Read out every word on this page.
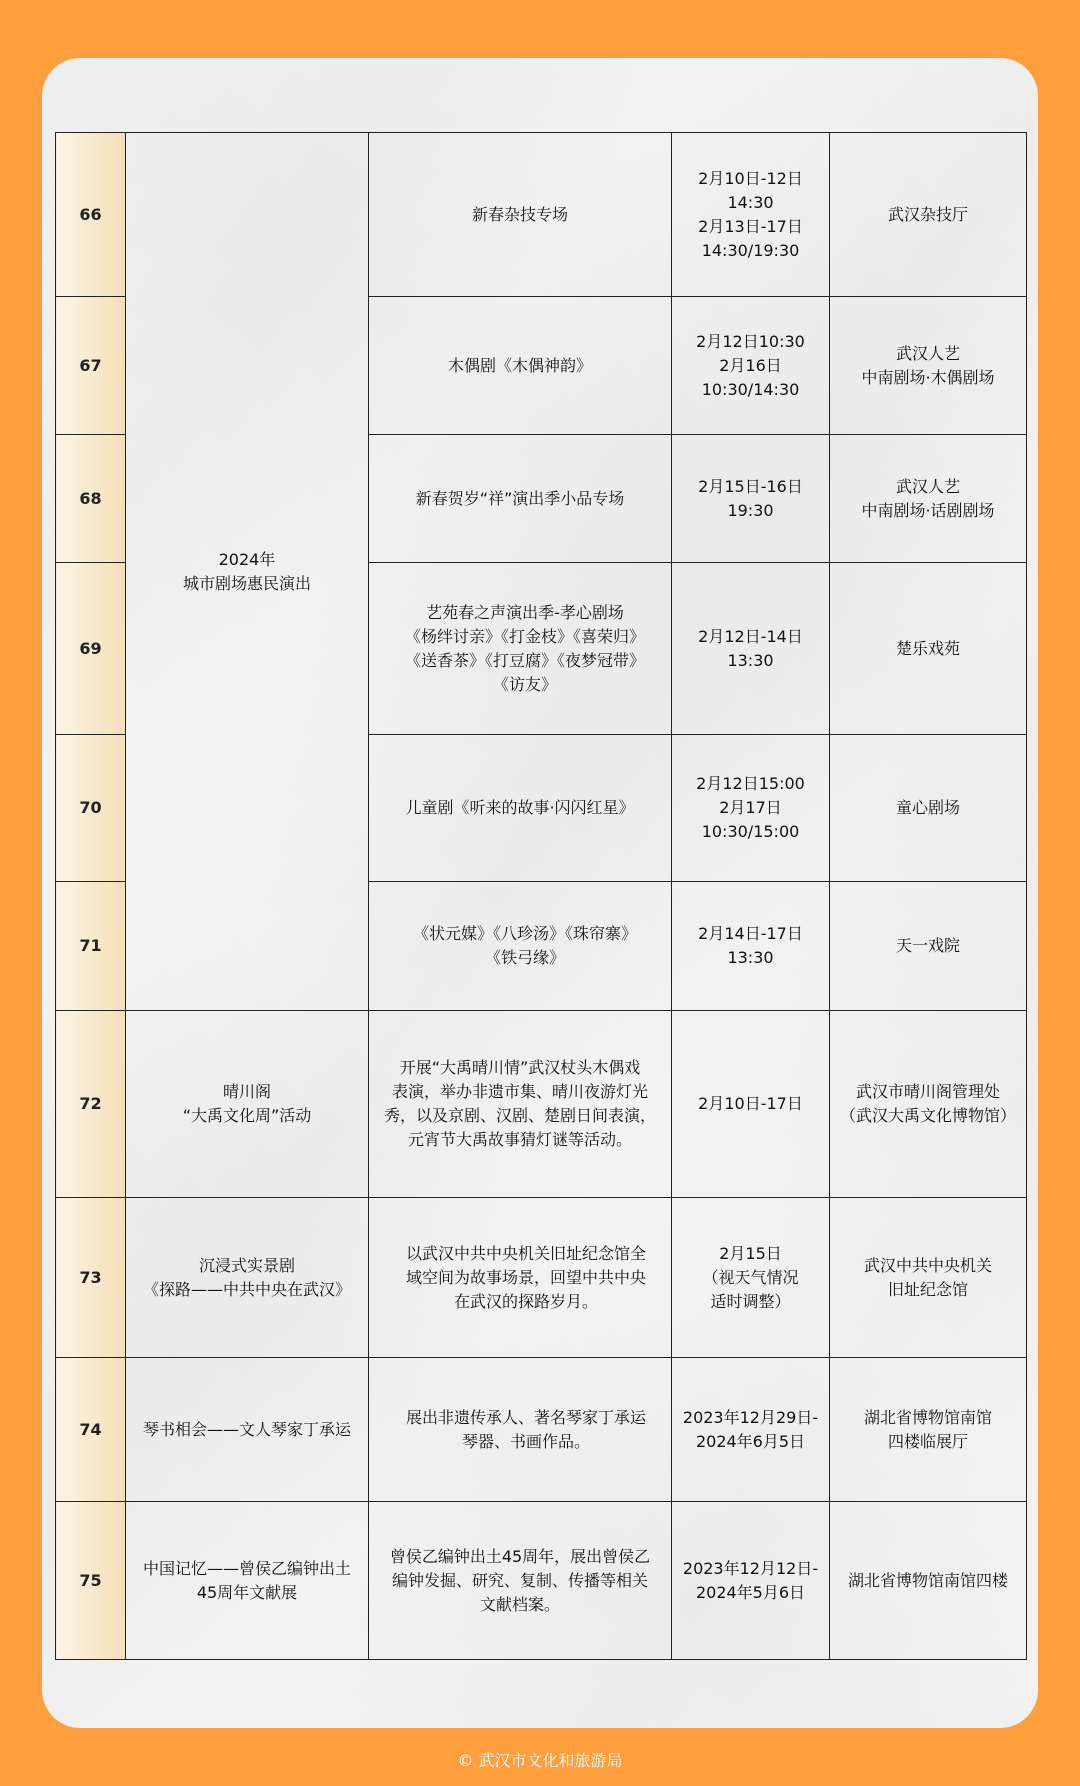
66	2024年
城市剧场惠民演出	新春杂技专场	2月10日-12日
14:30
2月13日-17日
14:30/19:30	武汉杂技厅

67		木偶剧《木偶神韵》	2月12日10:30
2月16日
10:30/14:30	武汉人艺
中南剧场·木偶剧场

68		新春贺岁“祥”演出季小品专场	2月15日-16日
19:30	武汉人艺
中南剧场·话剧剧场

69		艺苑春之声演出季-孝心剧场
《杨绊讨亲》《打金枝》《喜荣归》
《送香茶》《打豆腐》《夜梦冠带》
《访友》	2月12日-14日
13:30	楚乐戏苑

70		儿童剧《听来的故事·闪闪红星》	2月12日15:00
2月17日
10:30/15:00	童心剧场

71		《状元媒》《八珍汤》《珠帘寨》
《铁弓缘》	2月14日-17日
13:30	天一戏院

72	晴川阁
“大禹文化周”活动	开展“大禹晴川情”武汉杖头木偶戏
表演，举办非遗市集、晴川夜游灯光
秀，以及京剧、汉剧、楚剧日间表演，
元宵节大禹故事猜灯谜等活动。	2月10日-17日	武汉市晴川阁管理处
（武汉大禹文化博物馆）

73	沉浸式实景剧
《探路——中共中央在武汉》	以武汉中共中央机关旧址纪念馆全
域空间为故事场景，回望中共中央
在武汉的探路岁月。	2月15日
（视天气情况
适时调整）	武汉中共中央机关
旧址纪念馆

74	琴书相会——文人琴家丁承运	展出非遗传承人、著名琴家丁承运
琴器、书画作品。	2023年12月29日-
2024年6月5日	湖北省博物馆南馆
四楼临展厅

75	中国记忆——曾侯乙编钟出土
45周年文献展	曾侯乙编钟出土45周年，展出曾侯乙
编钟发掘、研究、复制、传播等相关
文献档案。	2023年12月12日-
2024年5月6日	湖北省博物馆南馆四楼
© 武汉市文化和旅游局
